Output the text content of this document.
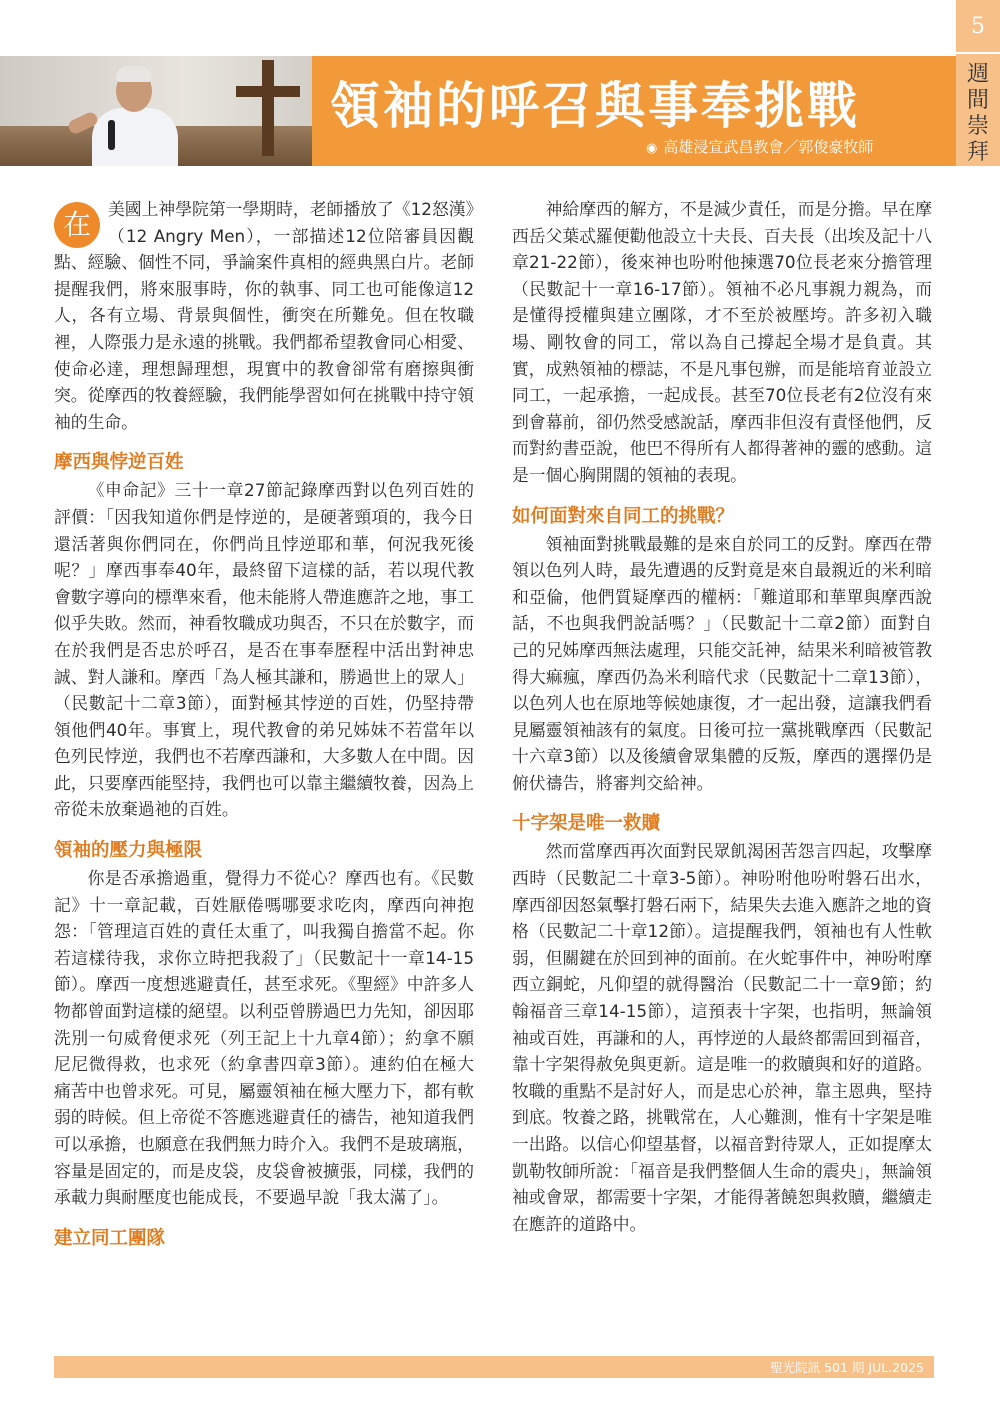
領袖的呼召與事奉挑戰
◉ 高雄浸宣武昌教會／郭俊豪牧師
5
週
間
崇
拜

在	美國上神學院第一學期時，老師播放了《12怒漢》（12 Angry Men），一部描述12位陪審員因觀點、經驗、個性不同，爭論案件真相的經典黑白片。老師提醒我們，將來服事時，你的執事、同工也可能像這12人，各有立場、背景與個性，衝突在所難免。但在牧職裡，人際張力是永遠的挑戰。我們都希望教會同心相愛、使命必達，理想歸理想，現實中的教會卻常有磨擦與衝突。從摩西的牧養經驗，我們能學習如何在挑戰中持守領袖的生命。

摩西與悖逆百姓

《申命記》三十一章27節記錄摩西對以色列百姓的評價：「因我知道你們是悖逆的，是硬著頸項的，我今日還活著與你們同在，你們尚且悖逆耶和華，何況我死後呢？」摩西事奉40年，最終留下這樣的話，若以現代教會數字導向的標準來看，他未能將人帶進應許之地，事工似乎失敗。然而，神看牧職成功與否，不只在於數字，而在於我們是否忠於呼召，是否在事奉歷程中活出對神忠誠、對人謙和。摩西「為人極其謙和，勝過世上的眾人」（民數記十二章3節），面對極其悖逆的百姓，仍堅持帶領他們40年。事實上，現代教會的弟兄姊妹不若當年以色列民悖逆，我們也不若摩西謙和，大多數人在中間。因此，只要摩西能堅持，我們也可以靠主繼續牧養，因為上帝從未放棄過祂的百姓。

領袖的壓力與極限

你是否承擔過重，覺得力不從心？摩西也有。《民數記》十一章記載，百姓厭倦嗎哪要求吃肉，摩西向神抱怨：「管理這百姓的責任太重了，叫我獨自擔當不起。你若這樣待我，求你立時把我殺了」（民數記十一章14-15節）。摩西一度想逃避責任，甚至求死。《聖經》中許多人物都曾面對這樣的絕望。以利亞曾勝過巴力先知，卻因耶洗別一句威脅便求死（列王記上十九章4節）；約拿不願尼尼微得救，也求死（約拿書四章3節）。連約伯在極大痛苦中也曾求死。可見，屬靈領袖在極大壓力下，都有軟弱的時候。但上帝從不答應逃避責任的禱告，祂知道我們可以承擔，也願意在我們無力時介入。我們不是玻璃瓶，容量是固定的，而是皮袋，皮袋會被擴張，同樣，我們的承載力與耐壓度也能成長，不要過早說「我太滿了」。

建立同工團隊

神給摩西的解方，不是減少責任，而是分擔。早在摩西岳父葉忒羅便勸他設立十夫長、百夫長（出埃及記十八章21-22節），後來神也吩咐他揀選70位長老來分擔管理（民數記十一章16-17節）。領袖不必凡事親力親為，而是懂得授權與建立團隊，才不至於被壓垮。許多初入職場、剛牧會的同工，常以為自己撐起全場才是負責。其實，成熟領袖的標誌，不是凡事包辦，而是能培育並設立同工，一起承擔，一起成長。甚至70位長老有2位沒有來到會幕前，卻仍然受感說話，摩西非但沒有責怪他們，反而對約書亞說，他巴不得所有人都得著神的靈的感動。這是一個心胸開闊的領袖的表現。

如何面對來自同工的挑戰？

領袖面對挑戰最難的是來自於同工的反對。摩西在帶領以色列人時，最先遭遇的反對竟是來自最親近的米利暗和亞倫，他們質疑摩西的權柄：「難道耶和華單與摩西說話，不也與我們說話嗎？」（民數記十二章2節）面對自己的兄姊摩西無法處理，只能交託神，結果米利暗被管教得大痲瘋，摩西仍為米利暗代求（民數記十二章13節），以色列人也在原地等候她康復，才一起出發，這讓我們看見屬靈領袖該有的氣度。日後可拉一黨挑戰摩西（民數記十六章3節）以及後續會眾集體的反叛，摩西的選擇仍是俯伏禱告，將審判交給神。

十字架是唯一救贖

然而當摩西再次面對民眾飢渴困苦怨言四起，攻擊摩西時（民數記二十章3-5節）。神吩咐他吩咐磐石出水，摩西卻因怒氣擊打磐石兩下，結果失去進入應許之地的資格（民數記二十章12節）。這提醒我們，領袖也有人性軟弱，但關鍵在於回到神的面前。在火蛇事件中，神吩咐摩西立銅蛇，凡仰望的就得醫治（民數記二十一章9節；約翰福音三章14-15節），這預表十字架，也指明，無論領袖或百姓，再謙和的人，再悖逆的人最終都需回到福音，靠十字架得赦免與更新。這是唯一的救贖與和好的道路。牧職的重點不是討好人，而是忠心於神，靠主恩典，堅持到底。牧養之路，挑戰常在，人心難測，惟有十字架是唯一出路。以信心仰望基督，以福音對待眾人，正如提摩太凱勒牧師所說：「福音是我們整個人生命的震央」，無論領袖或會眾，都需要十字架，才能得著饒恕與救贖，繼續走在應許的道路中。

聖光院訊 501 期 JUL.2025
